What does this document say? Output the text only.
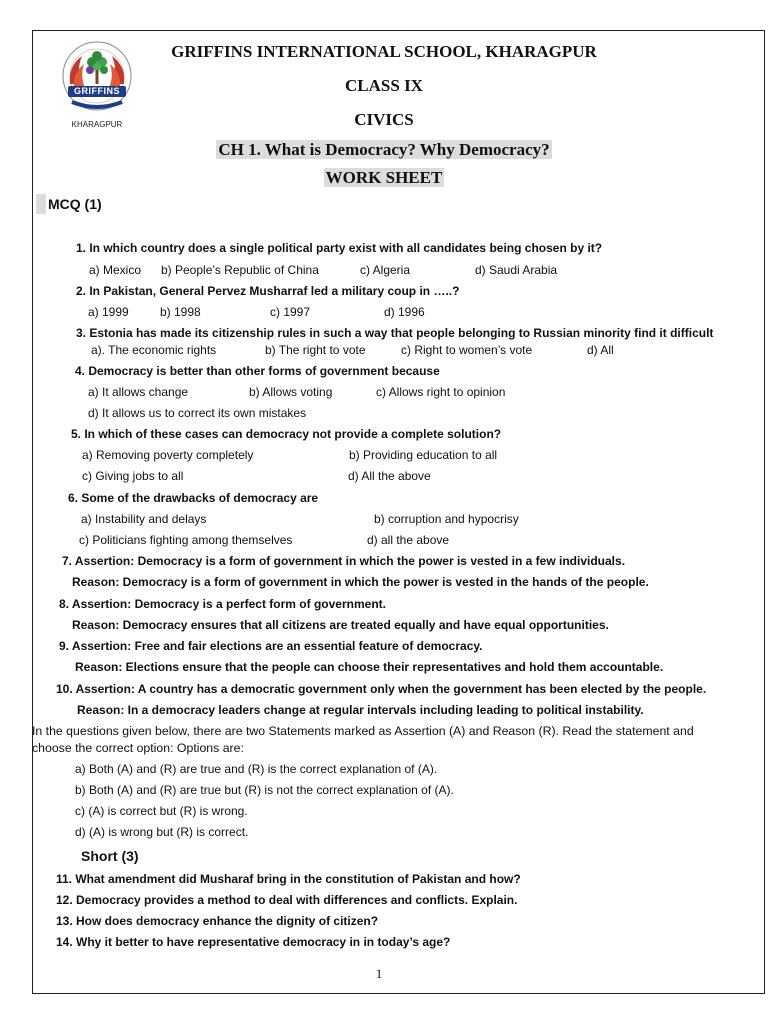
GRIFFINS
KHARAGPUR
GRIFFINS INTERNATIONAL SCHOOL, KHARAGPUR
CLASS IX
CIVICS
CH 1. What is Democracy? Why Democracy?
WORK SHEET
MCQ (1)
1. In which country does a single political party exist with all candidates being chosen by it?
a) Mexico b) People’s Republic of China	c) Algeria	d) Saudi Arabia
2. In Pakistan, General Pervez Musharraf led a military coup in …..?
a) 1999	b) 1998	c) 1997	d) 1996
3. Estonia has made its citizenship rules in such a way that people belonging to Russian minority find it difficult
a). The economic rights	b) The right to vote	c) Right to women’s vote	d) All
4. Democracy is better than other forms of government because
a) It allows change	b) Allows voting	c) Allows right to opinion
d) It allows us to correct its own mistakes
5. In which of these cases can democracy not provide a complete solution?
a) Removing poverty completely	b) Providing education to all
c) Giving jobs to all	d) All the above
6. Some of the drawbacks of democracy are
a) Instability and delays	b) corruption and hypocrisy
c) Politicians fighting among themselves	d) all the above
7. Assertion: Democracy is a form of government in which the power is vested in a few individuals.
Reason: Democracy is a form of government in which the power is vested in the hands of the people.
8. Assertion: Democracy is a perfect form of government.
Reason: Democracy ensures that all citizens are treated equally and have equal opportunities.
9. Assertion: Free and fair elections are an essential feature of democracy.
Reason: Elections ensure that the people can choose their representatives and hold them accountable.
10. Assertion: A country has a democratic government only when the government has been elected by the people.
Reason: In a democracy leaders change at regular intervals including leading to political instability.
In the questions given below, there are two Statements marked as Assertion (A) and Reason (R). Read the statement and
choose the correct option: Options are:
a) Both (A) and (R) are true and (R) is the correct explanation of (A).
b) Both (A) and (R) are true but (R) is not the correct explanation of (A).
c) (A) is correct but (R) is wrong.
d) (A) is wrong but (R) is correct.
Short (3)
11. What amendment did Musharaf bring in the constitution of Pakistan and how?
12. Democracy provides a method to deal with differences and conflicts. Explain.
13. How does democracy enhance the dignity of citizen?
14. Why it better to have representative democracy in in today’s age?
1
